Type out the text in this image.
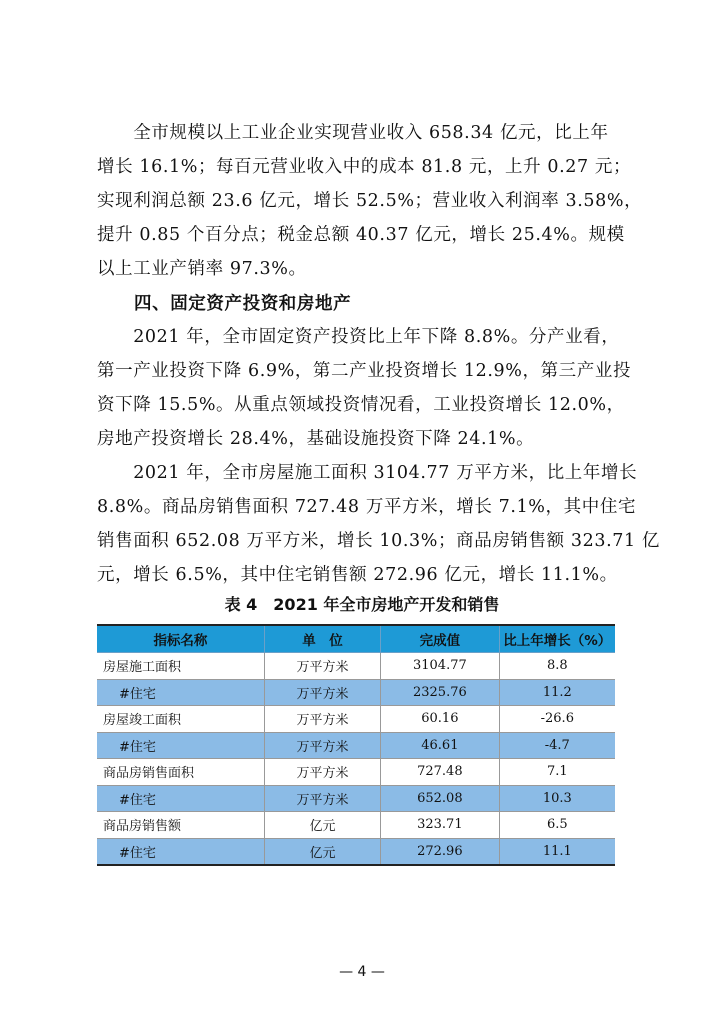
　　全市规模以上工业企业实现营业收入 658.34 亿元，比上年
增长 16.1%；每百元营业收入中的成本 81.8 元，上升 0.27 元；
实现利润总额 23.6 亿元，增长 52.5%；营业收入利润率 3.58%，
提升 0.85 个百分点；税金总额 40.37 亿元，增长 25.4%。规模
以上工业产销率 97.3%。
四、固定资产投资和房地产
　　2021 年，全市固定资产投资比上年下降 8.8%。分产业看，
第一产业投资下降 6.9%，第二产业投资增长 12.9%，第三产业投
资下降 15.5%。从重点领域投资情况看，工业投资增长 12.0%，
房地产投资增长 28.4%，基础设施投资下降 24.1%。
　　2021 年，全市房屋施工面积 3104.77 万平方米，比上年增长
8.8%。商品房销售面积 727.48 万平方米，增长 7.1%，其中住宅
销售面积 652.08 万平方米，增长 10.3%；商品房销售额 323.71 亿
元，增长 6.5%，其中住宅销售额 272.96 亿元，增长 11.1%。
表 4　2021 年全市房地产开发和销售
指标名称	单　位	完成值	比上年增长（%）
房屋施工面积	万平方米	3104.77	8.8
#住宅	万平方米	2325.76	11.2
房屋竣工面积	万平方米	60.16	-26.6
#住宅	万平方米	46.61	-4.7
商品房销售面积	万平方米	727.48	7.1
#住宅	万平方米	652.08	10.3
商品房销售额	亿元	323.71	6.5
#住宅	亿元	272.96	11.1
— 4 —
